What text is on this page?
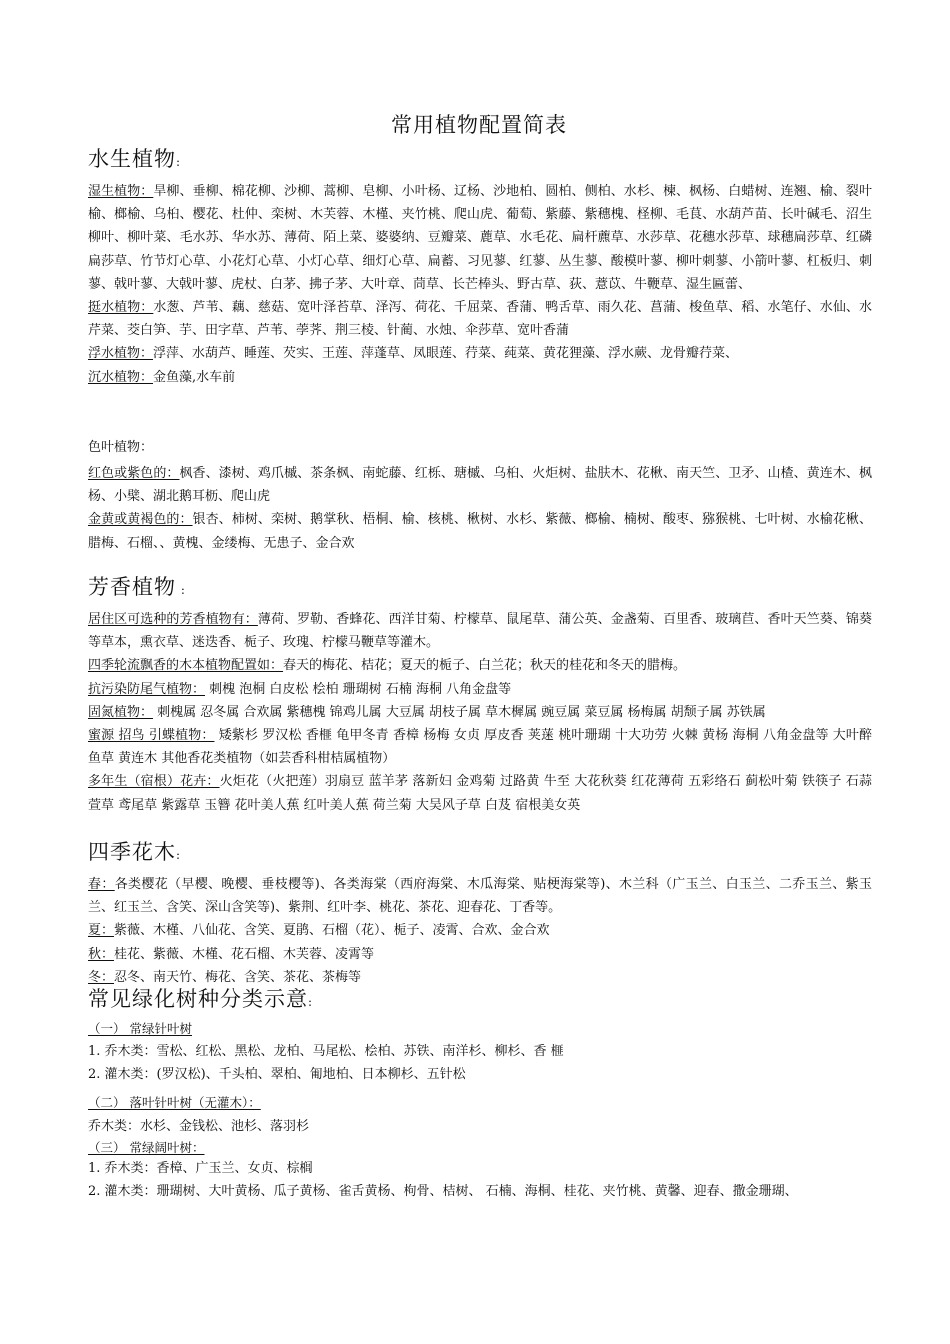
常用植物配置简表
水生植物:
湿生植物：旱柳、垂柳、棉花柳、沙柳、蒿柳、皂柳、小叶杨、辽杨、沙地柏、圆柏、侧柏、水杉、楝、枫杨、白蜡树、连翘、榆、裂叶榆、榔榆、乌桕、樱花、杜仲、栾树、木芙蓉、木槿、夹竹桃、爬山虎、葡萄、紫藤、紫穗槐、柽柳、毛茛、水葫芦苗、长叶碱毛、沼生柳叶、柳叶菜、毛水苏、华水苏、薄荷、陌上菜、婆婆纳、豆瓣菜、蔍草、水毛花、扁杆藨草、水莎草、花穗水莎草、球穗扁莎草、红磷扁莎草、竹节灯心草、小花灯心草、小灯心草、细灯心草、扁蓄、习见蓼、红蓼、丛生蓼、酸模叶蓼、柳叶刺蓼、小箭叶蓼、杠板归、刺蓼、戟叶蓼、大戟叶蓼、虎杖、白茅、拂子茅、大叶章、茼草、长芒棒头、野古草、荻、薏苡、牛鞭草、湿生匾蕾、
挺水植物：水葱、芦苇、藕、慈菇、宽叶泽苔草、泽泻、荷花、千屈菜、香蒲、鸭舌草、雨久花、菖蒲、梭鱼草、稻、水笔仔、水仙、水芹菜、茭白笋、芋、田字草、芦苇、荸荠、荆三棱、针蔺、水烛、伞莎草、宽叶香蒲
浮水植物：浮萍、水葫芦、睡莲、芡实、王莲、萍蓬草、凤眼莲、荇菜、莼菜、黄花狸藻、浮水蕨、龙骨瓣荇菜、
沉水植物：金鱼藻,水车前
色叶植物：
红色或紫色的：枫香、漆树、鸡爪槭、茶条枫、南蛇藤、红栎、瑭槭、乌桕、火炬树、盐肤木、花楸、南天竺、卫矛、山楂、黄连木、枫杨、小檗、湖北鹅耳枥、爬山虎
金黄或黄褐色的：银杏、柿树、栾树、鹅掌秋、梧桐、榆、核桃、楸树、水杉、紫薇、榔榆、楠树、酸枣、猕猴桃、七叶树、水榆花楸、腊梅、石榴、、黄槐、金缕梅、无患子、金合欢
芳香植物 :
居住区可选种的芳香植物有：薄荷、罗勒、香蜂花、西洋甘菊、柠檬草、鼠尾草、蒲公英、金盏菊、百里香、玻璃苣、香叶天竺葵、锦葵等草本，熏衣草、迷迭香、栀子、玫瑰、柠檬马鞭草等灌木。
四季轮流飘香的木本植物配置如：春天的梅花、桔花；夏天的栀子、白兰花；秋天的桂花和冬天的腊梅。
抗污染防尾气植物： 刺槐 泡桐 白皮松 桧柏 珊瑚树 石楠 海桐 八角金盘等
固氮植物： 刺槐属 忍冬属 合欢属 紫穗槐 锦鸡儿属 大豆属 胡枝子属 草木樨属 豌豆属 菜豆属 杨梅属 胡颓子属 苏铁属
蜜源 招鸟 引蝶植物： 矮紫杉 罗汉松 香榧 龟甲冬青 香樟 杨梅 女贞 厚皮香 荚蒾 桃叶珊瑚 十大功劳 火棘 黄杨 海桐 八角金盘等 大叶醉鱼草 黄连木 其他香花类植物（如芸香科柑桔属植物）
多年生（宿根）花卉：火炬花（火把莲）羽扇豆 蓝羊茅 落新妇 金鸡菊 过路黄 牛至 大花秋葵 红花薄荷 五彩络石 蓟松叶菊 铁筷子 石蒜 萱草 鸢尾草 紫露草 玉簪 花叶美人蕉 红叶美人蕉 荷兰菊 大吴风子草 白芨 宿根美女英
四季花木:
春：各类樱花（早樱、晚樱、垂枝樱等)、各类海棠（西府海棠、木瓜海棠、贴梗海棠等)、木兰科（广玉兰、白玉兰、二乔玉兰、紫玉兰、红玉兰、含笑、深山含笑等)、紫荆、红叶李、桃花、茶花、迎春花、丁香等。
夏：紫薇、木槿、八仙花、含笑、夏鹃、石榴（花）、栀子、凌霄、合欢、金合欢
秋：桂花、紫薇、木槿、花石榴、木芙蓉、凌霄等
冬：忍冬、南天竹、梅花、含笑、茶花、茶梅等
常见绿化树种分类示意:
（一） 常绿针叶树
1. 乔木类：雪松、红松、黑松、龙柏、马尾松、桧柏、苏铁、南洋杉、柳杉、香 榧
2. 灌木类：(罗汉松)、千头柏、翠柏、匍地柏、日本柳杉、五针松
（二） 落叶针叶树（无灌木）：
乔木类：水杉、金钱松、池杉、落羽杉
（三） 常绿阔叶树：
1. 乔木类：香樟、广玉兰、女贞、棕榈
2. 灌木类：珊瑚树、大叶黄杨、瓜子黄杨、雀舌黄杨、枸骨、桔树、 石楠、海桐、桂花、夹竹桃、黄馨、迎春、撒金珊瑚、
